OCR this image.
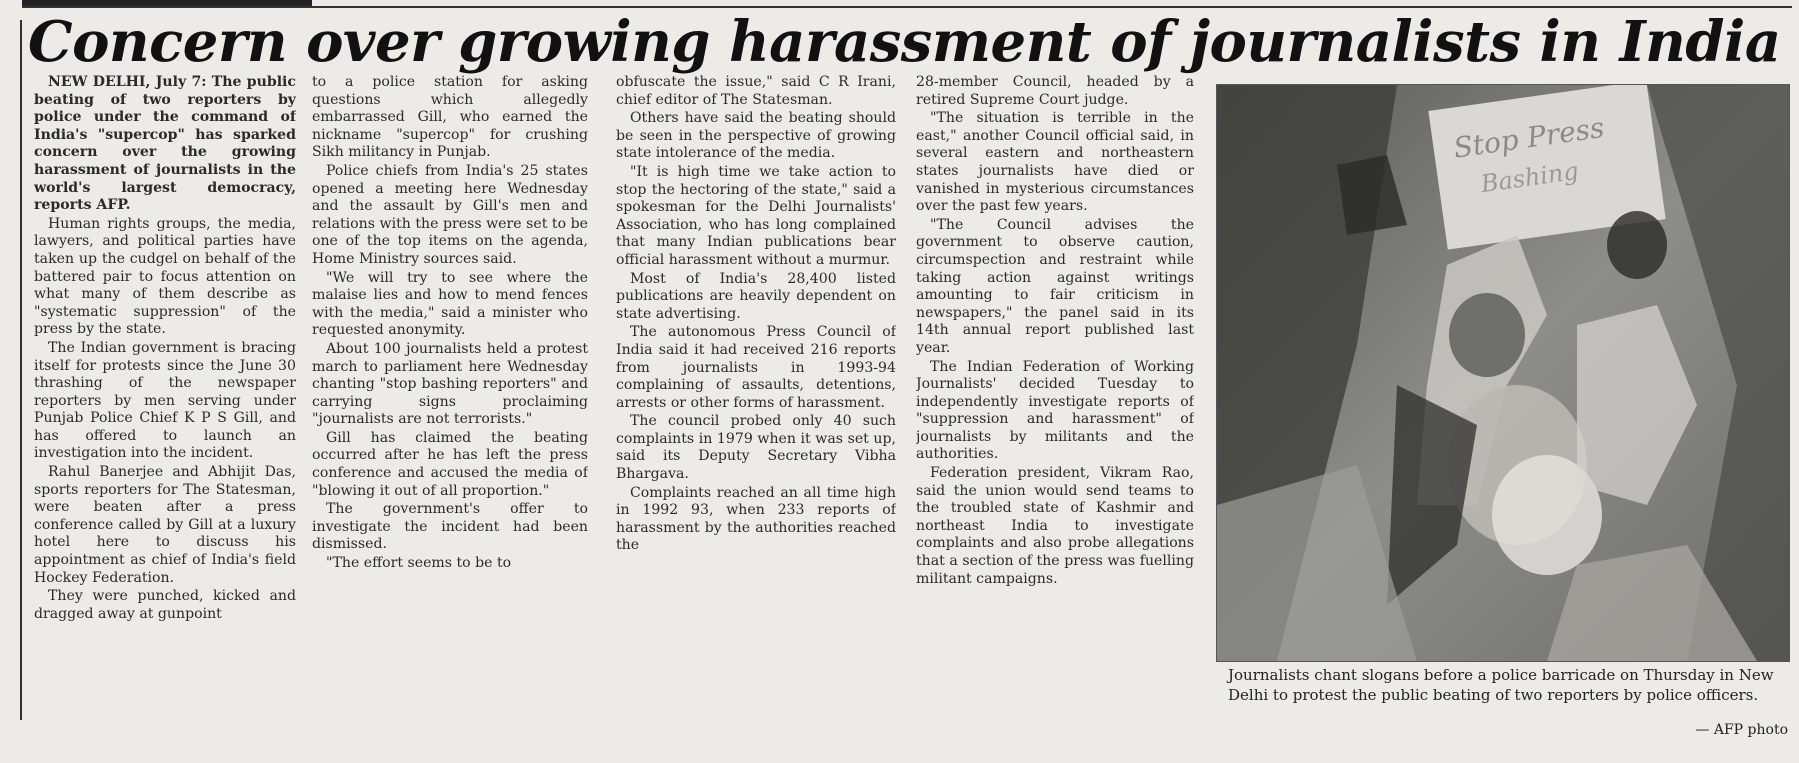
Concern over growing harassment of journalists in India

NEW DELHI, July 7: The public beating of two reporters by police under the command of India's "supercop" has sparked concern over the growing harassment of journalists in the world's largest democracy, reports AFP.

Human rights groups, the media, lawyers, and political parties have taken up the cudgel on behalf of the battered pair to focus attention on what many of them describe as "systematic suppression" of the press by the state.

The Indian government is bracing itself for protests since the June 30 thrashing of the newspaper reporters by men serving under Punjab Police Chief K P S Gill, and has offered to launch an investigation into the incident.

Rahul Banerjee and Abhijit Das, sports reporters for The Statesman, were beaten after a press conference called by Gill at a luxury hotel here to discuss his appointment as chief of India's field Hockey Federation.

They were punched, kicked and dragged away at gunpoint

to a police station for asking questions which allegedly embarrassed Gill, who earned the nickname "supercop" for crushing Sikh militancy in Punjab.

Police chiefs from India's 25 states opened a meeting here Wednesday and the assault by Gill's men and relations with the press were set to be one of the top items on the agenda, Home Ministry sources said.

"We will try to see where the malaise lies and how to mend fences with the media," said a minister who requested anonymity.

About 100 journalists held a protest march to parliament here Wednesday chanting "stop bashing reporters" and carrying signs proclaiming "journalists are not terrorists."

Gill has claimed the beating occurred after he has left the press conference and accused the media of "blowing it out of all proportion."

The government's offer to investigate the incident had been dismissed.

"The effort seems to be to

obfuscate the issue," said C R Irani, chief editor of The Statesman.

Others have said the beating should be seen in the perspective of growing state intolerance of the media.

"It is high time we take action to stop the hectoring of the state," said a spokesman for the Delhi Journalists' Association, who has long complained that many Indian publications bear official harassment without a murmur.

Most of India's 28,400 listed publications are heavily dependent on state advertising.

The autonomous Press Council of India said it had received 216 reports from journalists in 1993-94 complaining of assaults, detentions, arrests or other forms of harassment.

The council probed only 40 such complaints in 1979 when it was set up, said its Deputy Secretary Vibha Bhargava.

Complaints reached an all time high in 1992 93, when 233 reports of harassment by the authorities reached the

28-member Council, headed by a retired Supreme Court judge.

"The situation is terrible in the east," another Council official said, in several eastern and northeastern states journalists have died or vanished in mysterious circumstances over the past few years.

"The Council advises the government to observe caution, circumspection and restraint while taking action against writings amounting to fair criticism in newspapers," the panel said in its 14th annual report published last year.

The Indian Federation of Working Journalists' decided Tuesday to independently investigate reports of "suppression and harassment" of journalists by militants and the authorities.

Federation president, Vikram Rao, said the union would send teams to the troubled state of Kashmir and northeast India to investigate complaints and also probe allegations that a section of the press was fuelling militant campaigns.

Stop Press
Bashing
Journalists chant slogans before a police barricade on Thursday in New Delhi to protest the public beating of two reporters by police officers.
— AFP photo
